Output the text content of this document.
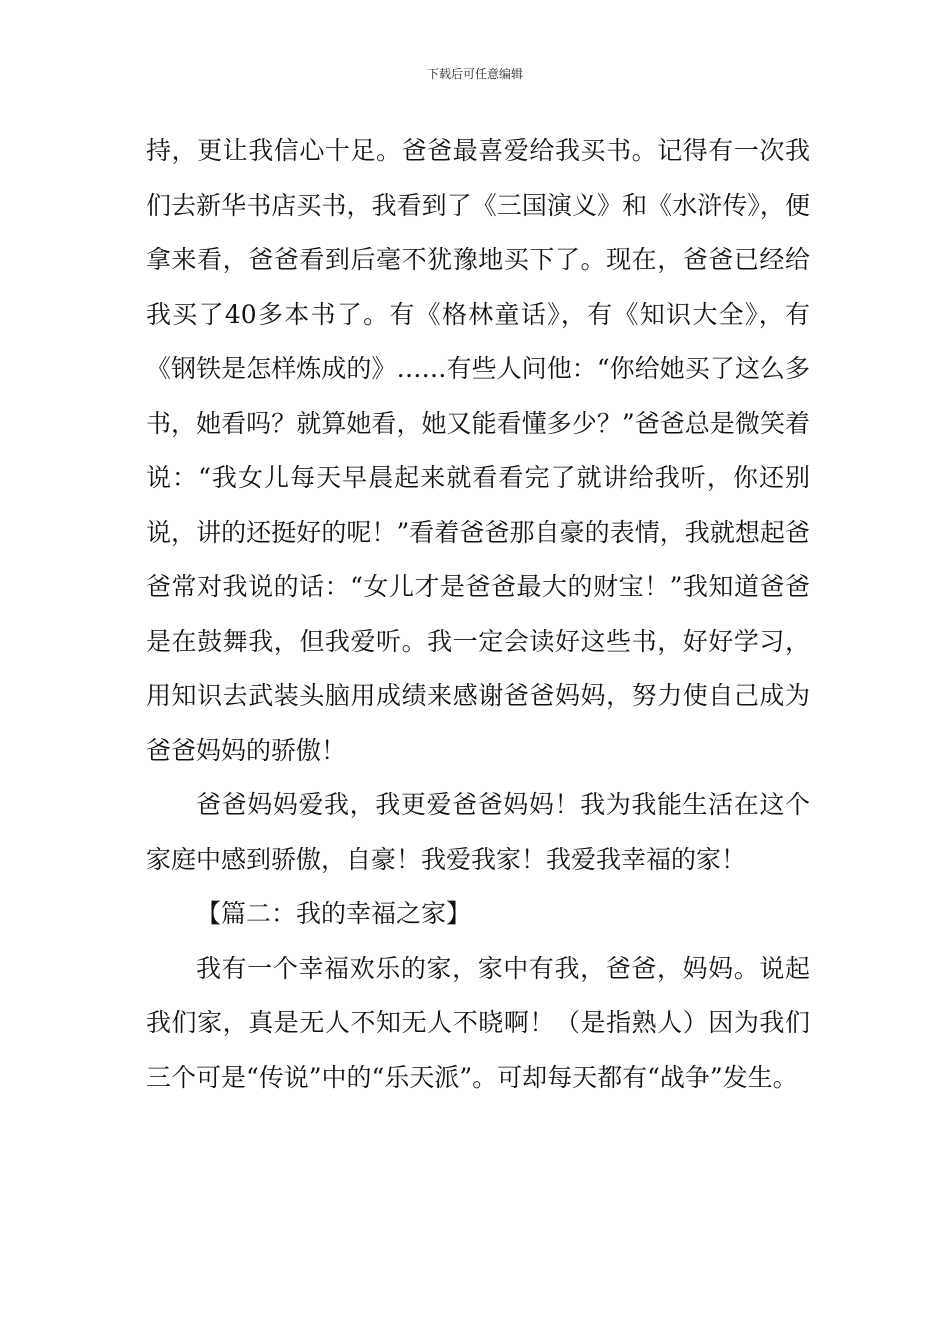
下载后可任意编辑

持，更让我信心十足。爸爸最喜爱给我买书。记得有一次我们去新华书店买书，我看到了《三国演义》和《水浒传》，便拿来看，爸爸看到后毫不犹豫地买下了。现在，爸爸已经给我买了40多本书了。有《格林童话》，有《知识大全》，有《钢铁是怎样炼成的》……有些人问他：“你给她买了这么多书，她看吗？就算她看，她又能看懂多少？”爸爸总是微笑着说：“我女儿每天早晨起来就看看完了就讲给我听，你还别说，讲的还挺好的呢！”看着爸爸那自豪的表情，我就想起爸爸常对我说的话：“女儿才是爸爸最大的财宝！”我知道爸爸是在鼓舞我，但我爱听。我一定会读好这些书，好好学习，用知识去武装头脑用成绩来感谢爸爸妈妈，努力使自己成为爸爸妈妈的骄傲！

爸爸妈妈爱我，我更爱爸爸妈妈！我为我能生活在这个家庭中感到骄傲，自豪！我爱我家！我爱我幸福的家！

【篇二：我的幸福之家】

我有一个幸福欢乐的家，家中有我，爸爸，妈妈。说起我们家，真是无人不知无人不晓啊！（是指熟人）因为我们三个可是“传说”中的“乐天派”。可却每天都有“战争”发生。
